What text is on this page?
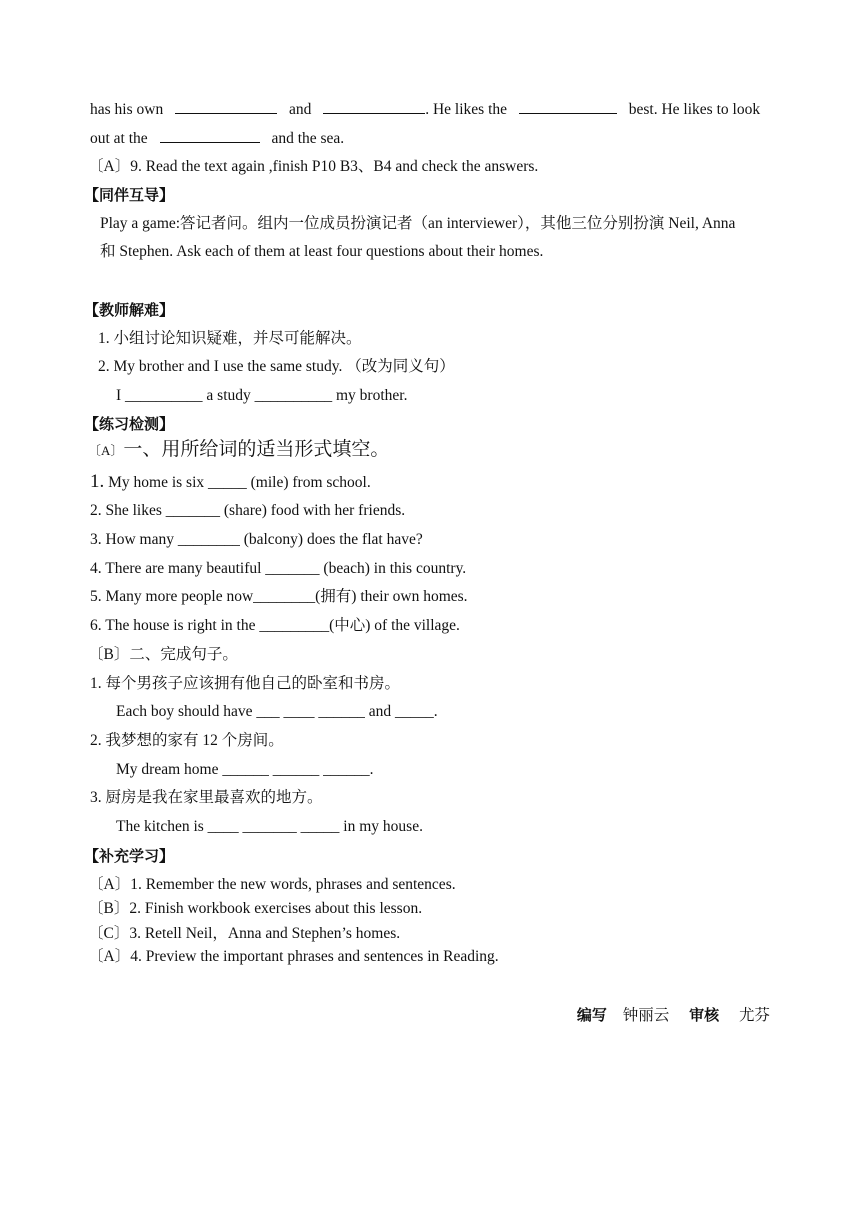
has his own	and	. He likes the	best. He likes to look
out at the	and the sea.
〔A〕9. Read the text again ,finish P10 B3、B4 and check the answers.
【同伴互导】
Play a game:答记者问。组内一位成员扮演记者（an interviewer），其他三位分别扮演 Neil, Anna
和 Stephen. Ask each of them at least four questions about their homes.
【教师解难】
1. 小组讨论知识疑难，并尽可能解决。
2. My brother and I use the same study. （改为同义句）
I __________ a study __________ my brother.
【练习检测】
〔A〕一、用所给词的适当形式填空。
1. My home is six _____ (mile) from school.
2. She likes _______ (share) food with her friends.
3. How many ________ (balcony) does the flat have?
4. There are many beautiful _______ (beach) in this country.
5. Many more people now________(拥有) their own homes.
6. The house is right in the _________(中心) of the village.
〔B〕二、完成句子。
1. 每个男孩子应该拥有他自己的卧室和书房。
Each boy should have ___ ____ ______ and _____.
2. 我梦想的家有 12 个房间。
My dream home ______ ______ ______.
3. 厨房是我在家里最喜欢的地方。
The kitchen is ____ _______ _____ in my house.
【补充学习】
〔A〕1. Remember the new words, phrases and sentences.
〔B〕2. Finish workbook exercises about this lesson.
〔C〕3. Retell Neil，Anna and Stephen’s homes.
〔A〕4. Preview the important phrases and sentences in Reading.
编写 钟丽云 审核 尤芬
